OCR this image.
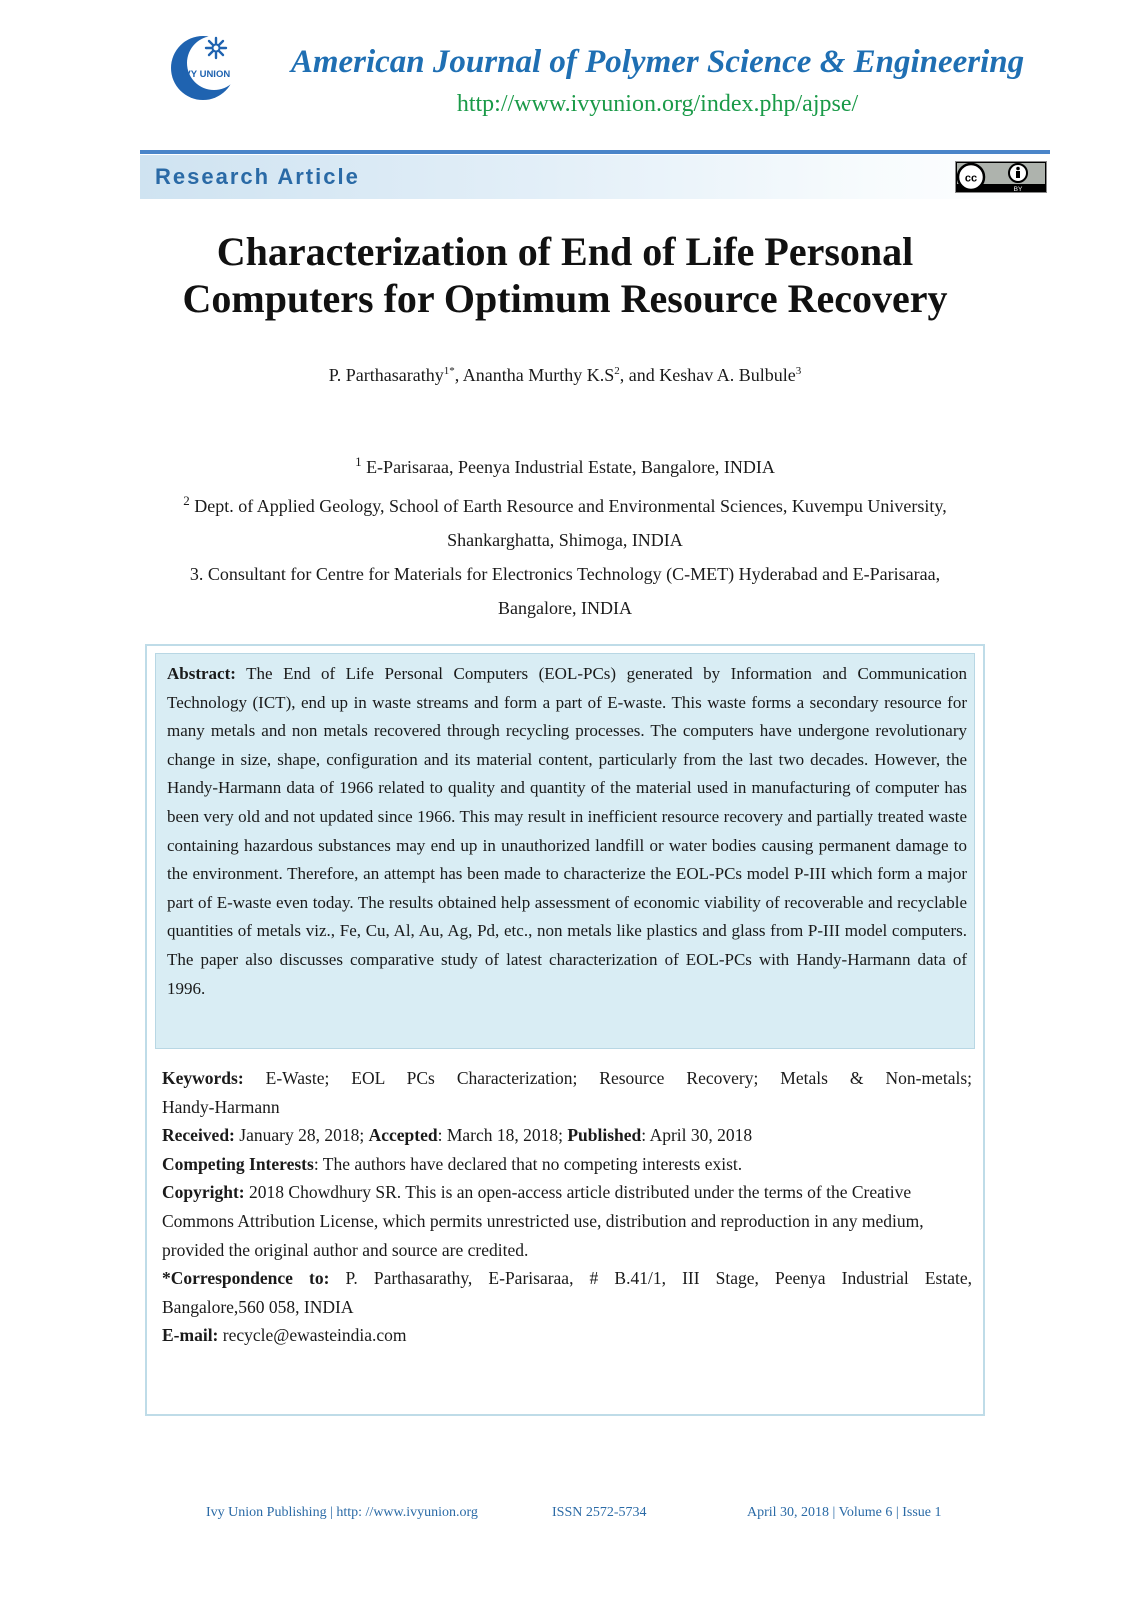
IVY UNION	American Journal of Polymer Science & Engineering
http://www.ivyunion.org/index.php/ajpse/
Research Article	cc
BY
Characterization of End of Life Personal
Computers for Optimum Resource Recovery
P. Parthasarathy$^{1*}$, Anantha Murthy $K.S^2$, and Keshav A. Bulbule$^3$
$^1$ E-Parisaraa, Peenya Industrial Estate, Bangalore, INDIA
$^2$ Dept. of Applied Geology, School of Earth Resource and Environmental Sciences, Kuvempu University,
Shankarghatta, Shimoga, INDIA
3. Consultant for Centre for Materials for Electronics Technology (C-MET) Hyderabad and E-Parisaraa,
Bangalore, INDIA

Abstract: The End of Life Personal Computers (EOL-PCs) generated by Information and Communication Technology (ICT), end up in waste streams and form a part of E-waste. This waste forms a secondary resource for many metals and non metals recovered through recycling processes. The computers have undergone revolutionary change in size, shape, configuration and its material content, particularly from the last two decades. However, the Handy-Harmann data of 1966 related to quality and quantity of the material used in manufacturing of computer has been very old and not updated since 1966. This may result in inefficient resource recovery and partially treated waste containing hazardous substances may end up in unauthorized landfill or water bodies causing permanent damage to the environment. Therefore, an attempt has been made to characterize the EOL-PCs model P-III which form a major part of E-waste even today. The results obtained help assessment of economic viability of recoverable and recyclable quantities of metals viz., Fe, Cu, Al, Au, Ag, Pd, etc., non metals like plastics and glass from P-III model computers. The paper also discusses comparative study of latest characterization of EOL-PCs with Handy-Harmann data of 1996.

Keywords: E-Waste; EOL PCs Characterization; Resource Recovery; Metals & Non-metals;

Handy-Harmann

Received: January 28, 2018; Accepted: March 18, 2018; Published: April 30, 2018

Competing Interests: The authors have declared that no competing interests exist.

Copyright: 2018 Chowdhury SR. This is an open-access article distributed under the terms of the Creative Commons Attribution License, which permits unrestricted use, distribution and reproduction in any medium, provided the original author and source are credited.

*Correspondence to: P. Parthasarathy, E-Parisaraa, # B.41/1, III Stage, Peenya Industrial Estate,

Bangalore,560 058, INDIA

E-mail: recycle@ewasteindia.com

Ivy Union Publishing | http: //www.ivyunion.org	ISSN 2572-5734	April 30, 2018 | Volume 6 | Issue 1
